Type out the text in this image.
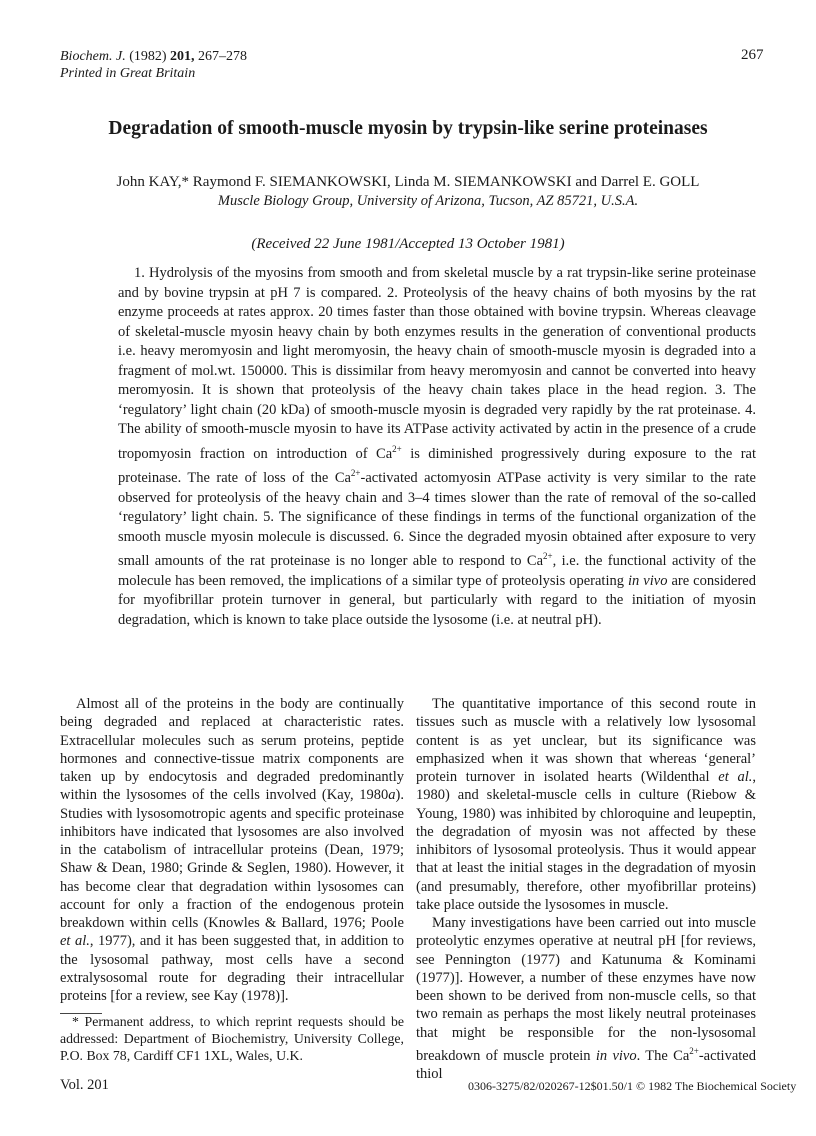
Biochem. J. (1982) 201, 267–278
Printed in Great Britain
267
Degradation of smooth-muscle myosin by trypsin-like serine proteinases
John KAY,* Raymond F. SIEMANKOWSKI, Linda M. SIEMANKOWSKI and Darrel E. GOLL
Muscle Biology Group, University of Arizona, Tucson, AZ 85721, U.S.A.
(Received 22 June 1981/Accepted 13 October 1981)

1. Hydrolysis of the myosins from smooth and from skeletal muscle by a rat trypsin-like serine proteinase and by bovine trypsin at pH 7 is compared. 2. Proteolysis of the heavy chains of both myosins by the rat enzyme proceeds at rates approx. 20 times faster than those obtained with bovine trypsin. Whereas cleavage of skeletal-muscle myosin heavy chain by both enzymes results in the generation of conventional products i.e. heavy meromyosin and light meromyosin, the heavy chain of smooth-muscle myosin is degraded into a fragment of mol.wt. 150000. This is dissimilar from heavy meromyosin and cannot be converted into heavy meromyosin. It is shown that proteolysis of the heavy chain takes place in the head region. 3. The ‘regulatory’ light chain (20 kDa) of smooth-muscle myosin is degraded very rapidly by the rat proteinase. 4. The ability of smooth-muscle myosin to have its ATPase activity activated by actin in the presence of a crude tropomyosin fraction on introduction of $Ca^{2+}$ is diminished progressively during exposure to the rat proteinase. The rate of loss of the $Ca^{2+}$-activated actomyosin ATPase activity is very similar to the rate observed for proteolysis of the heavy chain and 3–4 times slower than the rate of removal of the so-called ‘regulatory’ light chain. 5. The significance of these findings in terms of the functional organization of the smooth muscle myosin molecule is discussed. 6. Since the degraded myosin obtained after exposure to very small amounts of the rat proteinase is no longer able to respond to $Ca^{2+}$, i.e. the functional activity of the molecule has been removed, the implications of a similar type of proteolysis operating in vivo are considered for myofibrillar protein turnover in general, but particularly with regard to the initiation of myosin degradation, which is known to take place outside the lysosome (i.e. at neutral pH).

Almost all of the proteins in the body are continually being degraded and replaced at characteristic rates. Extracellular molecules such as serum proteins, peptide hormones and connective-tissue matrix components are taken up by endocytosis and degraded predominantly within the lysosomes of the cells involved (Kay, 1980a). Studies with lysosomotropic agents and specific proteinase inhibitors have indicated that lysosomes are also involved in the catabolism of intracellular proteins (Dean, 1979; Shaw & Dean, 1980; Grinde & Seglen, 1980). However, it has become clear that degradation within lysosomes can account for only a fraction of the endogenous protein breakdown within cells (Knowles & Ballard, 1976; Poole et al., 1977), and it has been suggested that, in addition to the lysosomal pathway, most cells have a second extralysosomal route for degrading their intracellular proteins [for a review, see Kay (1978)].

* Permanent address, to which reprint requests should be addressed: Department of Biochemistry, University College, P.O. Box 78, Cardiff CF1 1XL, Wales, U.K.

The quantitative importance of this second route in tissues such as muscle with a relatively low lysosomal content is as yet unclear, but its significance was emphasized when it was shown that whereas ‘general’ protein turnover in isolated hearts (Wildenthal et al., 1980) and skeletal-muscle cells in culture (Riebow & Young, 1980) was inhibited by chloroquine and leupeptin, the degradation of myosin was not affected by these inhibitors of lysosomal proteolysis. Thus it would appear that at least the initial stages in the degradation of myosin (and presumably, therefore, other myofibrillar proteins) take place outside the lysosomes in muscle.

Many investigations have been carried out into muscle proteolytic enzymes operative at neutral pH [for reviews, see Pennington (1977) and Katunuma & Kominami (1977)]. However, a number of these enzymes have now been shown to be derived from non-muscle cells, so that two remain as perhaps the most likely neutral proteinases that might be responsible for the non-lysosomal breakdown of muscle protein in vivo. The $Ca^{2+}$-activated thiol

Vol. 201	0306-3275/82/020267-12$01.50/1 © 1982 The Biochemical Society
